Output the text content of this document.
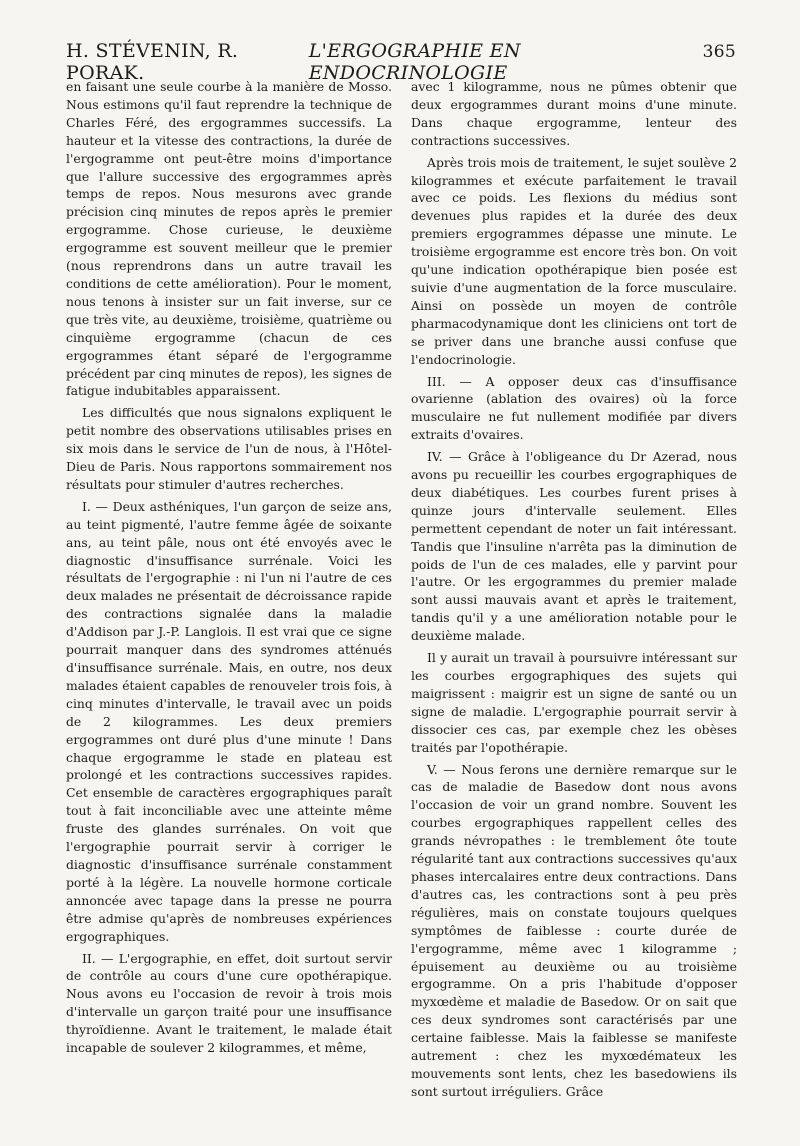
H. STÉVENIN, R. PORAK.
L'ERGOGRAPHIE EN ENDOCRINOLOGIE
365

en faisant une seule courbe à la manière de Mosso. Nous estimons qu'il faut reprendre la technique de Charles Féré, des ergogrammes successifs. La hauteur et la vitesse des contractions, la durée de l'ergogramme ont peut-être moins d'importance que l'allure successive des ergogrammes après temps de repos. Nous mesurons avec grande précision cinq minutes de repos après le premier ergogramme. Chose curieuse, le deuxième ergogramme est souvent meilleur que le premier (nous reprendrons dans un autre travail les conditions de cette amélioration). Pour le moment, nous tenons à insister sur un fait inverse, sur ce que très vite, au deuxième, troisième, quatrième ou cinquième ergogramme (chacun de ces ergogrammes étant séparé de l'ergogramme précédent par cinq minutes de repos), les signes de fatigue indubitables apparaissent.

Les difficultés que nous signalons expliquent le petit nombre des observations utilisables prises en six mois dans le service de l'un de nous, à l'Hôtel-Dieu de Paris. Nous rapportons sommairement nos résultats pour stimuler d'autres recherches.

I. — Deux asthéniques, l'un garçon de seize ans, au teint pigmenté, l'autre femme âgée de soixante ans, au teint pâle, nous ont été envoyés avec le diagnostic d'insuffisance surrénale. Voici les résultats de l'ergographie : ni l'un ni l'autre de ces deux malades ne présentait de décroissance rapide des contractions signalée dans la maladie d'Addison par J.-P. Langlois. Il est vrai que ce signe pourrait manquer dans des syndromes atténués d'insuffisance surrénale. Mais, en outre, nos deux malades étaient capables de renouveler trois fois, à cinq minutes d'intervalle, le travail avec un poids de 2 kilogrammes. Les deux premiers ergogrammes ont duré plus d'une minute ! Dans chaque ergogramme le stade en plateau est prolongé et les contractions successives rapides. Cet ensemble de caractères ergographiques paraît tout à fait inconciliable avec une atteinte même fruste des glandes surrénales. On voit que l'ergographie pourrait servir à corriger le diagnostic d'insuffisance surrénale constamment porté à la légère. La nouvelle hormone corticale annoncée avec tapage dans la presse ne pourra être admise qu'après de nombreuses expériences ergographiques.

II. — L'ergographie, en effet, doit surtout servir de contrôle au cours d'une cure opothérapique. Nous avons eu l'occasion de revoir à trois mois d'intervalle un garçon traité pour une insuffisance thyroïdienne. Avant le traitement, le malade était incapable de soulever 2 kilogrammes, et même,

avec 1 kilogramme, nous ne pûmes obtenir que deux ergogrammes durant moins d'une minute. Dans chaque ergogramme, lenteur des contractions successives.

Après trois mois de traitement, le sujet soulève 2 kilogrammes et exécute parfaitement le travail avec ce poids. Les flexions du médius sont devenues plus rapides et la durée des deux premiers ergogrammes dépasse une minute. Le troisième ergogramme est encore très bon. On voit qu'une indication opothérapique bien posée est suivie d'une augmentation de la force musculaire. Ainsi on possède un moyen de contrôle pharmacodynamique dont les cliniciens ont tort de se priver dans une branche aussi confuse que l'endocrinologie.

III. — A opposer deux cas d'insuffisance ovarienne (ablation des ovaires) où la force musculaire ne fut nullement modifiée par divers extraits d'ovaires.

IV. — Grâce à l'obligeance du Dr Azerad, nous avons pu recueillir les courbes ergographiques de deux diabétiques. Les courbes furent prises à quinze jours d'intervalle seulement. Elles permettent cependant de noter un fait intéressant. Tandis que l'insuline n'arrêta pas la diminution de poids de l'un de ces malades, elle y parvint pour l'autre. Or les ergogrammes du premier malade sont aussi mauvais avant et après le traitement, tandis qu'il y a une amélioration notable pour le deuxième malade.

Il y aurait un travail à poursuivre intéressant sur les courbes ergographiques des sujets qui maigrissent : maigrir est un signe de santé ou un signe de maladie. L'ergographie pourrait servir à dissocier ces cas, par exemple chez les obèses traités par l'opothérapie.

V. — Nous ferons une dernière remarque sur le cas de maladie de Basedow dont nous avons l'occasion de voir un grand nombre. Souvent les courbes ergographiques rappellent celles des grands névropathes : le tremblement ôte toute régularité tant aux contractions successives qu'aux phases intercalaires entre deux contractions. Dans d'autres cas, les contractions sont à peu près régulières, mais on constate toujours quelques symptômes de faiblesse : courte durée de l'ergogramme, même avec 1 kilogramme ; épuisement au deuxième ou au troisième ergogramme. On a pris l'habitude d'opposer myxœdème et maladie de Basedow. Or on sait que ces deux syndromes sont caractérisés par une certaine faiblesse. Mais la faiblesse se manifeste autrement : chez les myxœdémateux les mouvements sont lents, chez les basedowiens ils sont surtout irréguliers. Grâce
